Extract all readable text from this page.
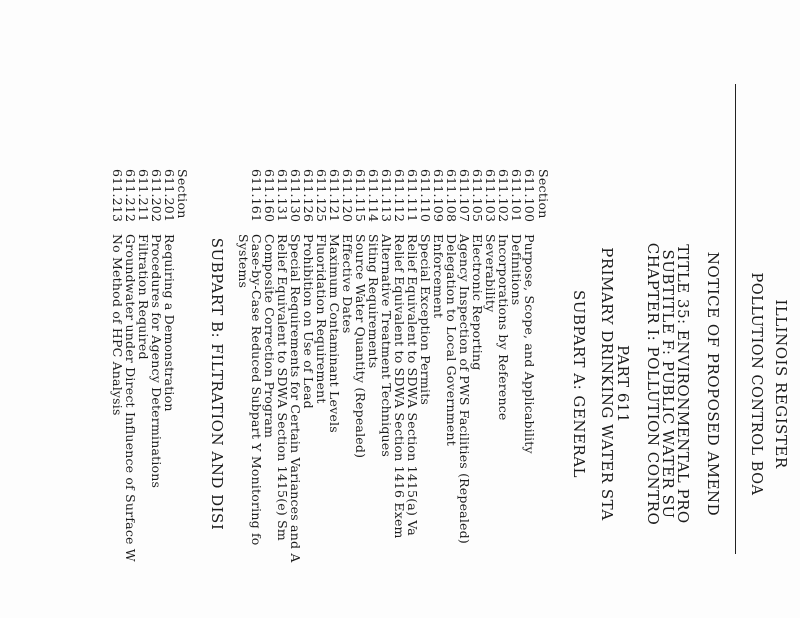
ILLINOIS REGISTER
POLLUTION CONTROL BOA
NOTICE OF PROPOSED AMEND
TITLE 35: ENVIRONMENTAL PRO
SUBTITLE F: PUBLIC WATER SU
CHAPTER I: POLLUTION CONTRO
PART 611
PRIMARY DRINKING WATER STA
SUBPART A: GENERAL
Section
611.100
Purpose, Scope, and Applicability
611.101
Definitions
611.102
Incorporations by Reference
611.103
Severability
611.105
Electronic Reporting
611.107
Agency Inspection of PWS Facilities (Repealed)
611.108
Delegation to Local Government
611.109
Enforcement
611.110
Special Exception Permits
611.111
Relief Equivalent to SDWA Section 1415(a) Va
611.112
Relief Equivalent to SDWA Section 1416 Exem
611.113
Alternative Treatment Techniques
611.114
Siting Requirements
611.115
Source Water Quantity (Repealed)
611.120
Effective Dates
611.121
Maximum Contaminant Levels
611.125
Fluoridation Requirement
611.126
Prohibition on Use of Lead
611.130
Special Requirements for Certain Variances and A
611.131
Relief Equivalent to SDWA Section 1415(e) Sm
611.160
Composite Correction Program
611.161
Case-by-Case Reduced Subpart Y Monitoring fo
Systems
SUBPART B: FILTRATION AND DISI
Section
611.201
Requiring a Demonstration
611.202
Procedures for Agency Determinations
611.211
Filtration Required
611.212
Groundwater under Direct Influence of Surface W
611.213
No Method of HPC Analysis
